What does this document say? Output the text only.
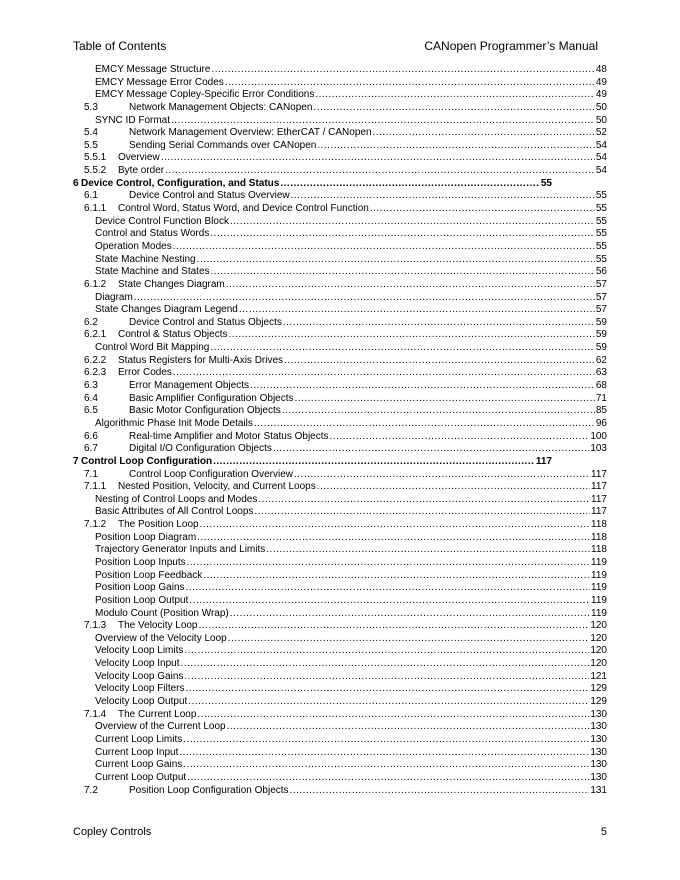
Table of Contents	CANopen Programmer’s Manual
EMCY Message Structure .....	48
EMCY Message Error Codes .....	49
EMCY Message Copley-Specific Error Conditions .....	49
5.3	Network Management Objects: CANopen .....	50
SYNC ID Format .....	50
5.4	Network Management Overview: EtherCAT / CANopen .....	52
5.5	Sending Serial Commands over CANopen .....	54
5.5.1	Overview .....	54
5.5.2	Byte order .....	54
6 Device Control, Configuration, and Status .....	55
6.1	Device Control and Status Overview .....	55
6.1.1	Control Word, Status Word, and Device Control Function .....	55
Device Control Function Block .....	55
Control and Status Words .....	55
Operation Modes .....	55
State Machine Nesting .....	55
State Machine and States .....	56
6.1.2	State Changes Diagram .....	57
Diagram .....	57
State Changes Diagram Legend .....	57
6.2	Device Control and Status Objects .....	59
6.2.1	Control & Status Objects .....	59
Control Word Bit Mapping .....	59
6.2.2	Status Registers for Multi-Axis Drives .....	62
6.2.3	Error Codes .....	63
6.3	Error Management Objects .....	68
6.4	Basic Amplifier Configuration Objects .....	71
6.5	Basic Motor Configuration Objects .....	85
Algorithmic Phase Init Mode Details .....	96
6.6	Real-time Amplifier and Motor Status Objects .....	100
6.7	Digital I/O Configuration Objects .....	103
7 Control Loop Configuration .....	117
7.1	Control Loop Configuration Overview .....	117
7.1.1	Nested Position, Velocity, and Current Loops .....	117
Nesting of Control Loops and Modes .....	117
Basic Attributes of All Control Loops .....	117
7.1.2	The Position Loop .....	118
Position Loop Diagram .....	118
Trajectory Generator Inputs and Limits .....	118
Position Loop Inputs .....	119
Position Loop Feedback .....	119
Position Loop Gains .....	119
Position Loop Output .....	119
Modulo Count (Position Wrap) .....	119
7.1.3	The Velocity Loop .....	120
Overview of the Velocity Loop .....	120
Velocity Loop Limits .....	120
Velocity Loop Input .....	120
Velocity Loop Gains .....	121
Velocity Loop Filters .....	129
Velocity Loop Output .....	129
7.1.4	The Current Loop .....	130
Overview of the Current Loop .....	130
Current Loop Limits .....	130
Current Loop Input .....	130
Current Loop Gains .....	130
Current Loop Output .....	130
7.2	Position Loop Configuration Objects .....	131
Copley Controls	5
